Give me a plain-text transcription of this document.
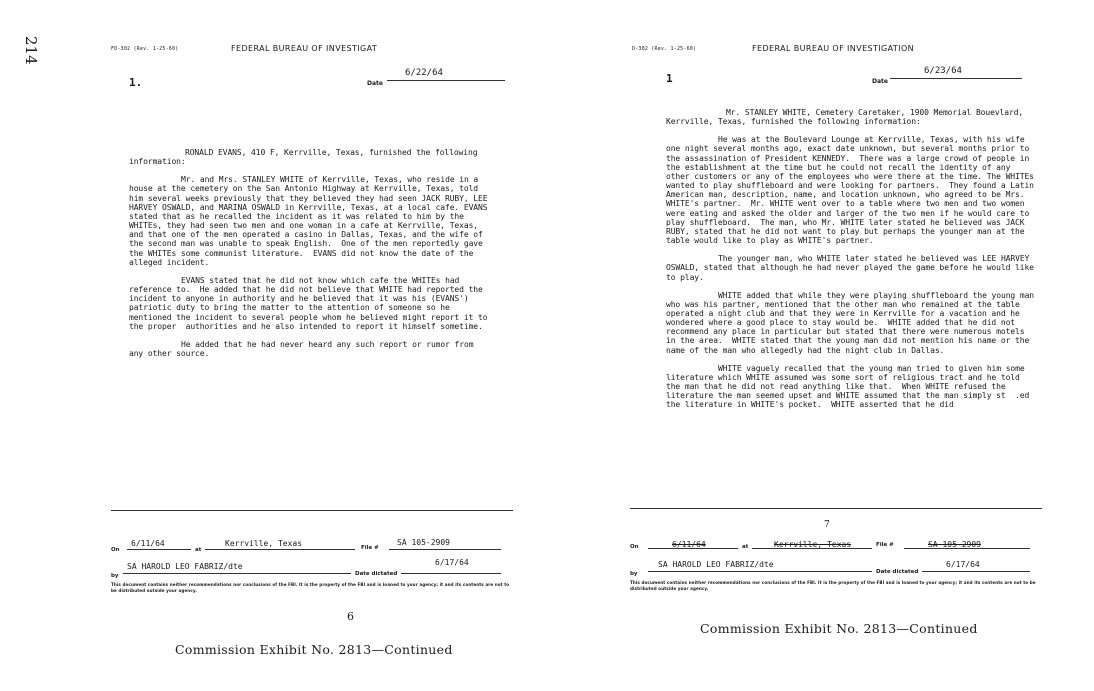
214	FD-302 (Rev. 1-25-60)	FEDERAL BUREAU OF INVESTIGAT
1.	Date
6/22/64

RONALD EVANS, 410 F, Kerrville, Texas, furnished the following information:

Mr. and Mrs. STANLEY WHITE of Kerrville, Texas, who reside in a house at the cemetery on the San Antonio Highway at Kerrville, Texas, told him several weeks previously that they believed they had seen JACK RUBY, LEE HARVEY OSWALD, and MARINA OSWALD in Kerrville, Texas, at a local cafe. EVANS stated that as he recalled the incident as it was related to him by the WHITEs, they had seen two men and one woman in a cafe at Kerrville, Texas, and that one of the men operated a casino in Dallas, Texas, and the wife of the second man was unable to speak English.  One of the men reportedly gave the WHITEs some communist literature.  EVANS did not know the date of the alleged incident.

EVANS stated that he did not know which cafe the WHITEs had reference to.  He added that he did not believe that WHITE had reported the incident to anyone in authority and he believed that it was his (EVANS') patriotic duty to bring the matter to the attention of someone so he mentioned the incident to several people whom he believed might report it to the proper  authorities and he also intended to report it himself sometime.

He added that he had never heard any such report or rumor from any other source.

On
6/11/64
at
Kerrville, Texas	File #
SA 105-2909
by
SA HAROLD LEO FABRIZ/dte
Date dictated
6/17/64
This document contains neither recommendations nor conclusions of the FBI. It is the property of the FBI and is loaned to your agency; it and its contents are not to be distributed outside your agency.
6
Commission Exhibit No. 2813—Continued
D-302 (Rev. 1-25-60)	FEDERAL BUREAU OF INVESTIGATION
1	Date
6/23/64

Mr. STANLEY WHITE, Cemetery Caretaker, 1900 Memorial Bouevlard, Kerrville, Texas, furnished the following information:

He was at the Boulevard Lounge at Kerrville, Texas, with his wife one night several months ago, exact date unknown, but several months prior to the assassination of President KENNEDY.  There was a large crowd of people in the establishment at the time but he could not recall the identity of any other customers or any of the employees who were there at the time. The WHITEs wanted to play shuffleboard and were looking for partners.  They found a Latin American man, description, name, and location unknown, who agreed to be Mrs. WHITE's partner.  Mr. WHITE went over to a table where two men and two women were eating and asked the older and larger of the two men if he would care to play shuffleboard.  The man, who Mr. WHITE later stated he believed was JACK RUBY, stated that he did not want to play but perhaps the younger man at the table would like to play as WHITE's partner.

The younger man, who WHITE later stated he believed was LEE HARVEY OSWALD, stated that although he had never played the game before he would like to play.

WHITE added that while they were playing shuffleboard the young man who was his partner, mentioned that the other man who remained at the table operated a night club and that they were in Kerrville for a vacation and he wondered where a good place to stay would be.  WHITE added that he did not recommend any place in particular but stated that there were numerous motels in the area.  WHITE stated that the young man did not mention his name or the name of the man who allegedly had the night club in Dallas.

WHITE vaguely recalled that the young man tried to given him some literature which WHITE assumed was some sort of religious tract and he told the man that he did not read anything like that.  When WHITE refused the literature the man seemed upset and WHITE assumed that the man simply st  .ed the literature in WHITE's pocket.  WHITE asserted that he did

7
On	6/11/64	at	Kerrville, Texas	File #	SA 105-2909
by
SA HAROLD LEO FABRIZ/dte
Date dictated
6/17/64
This document contains neither recommendations nor conclusions of the FBI. It is the property of the FBI and is loaned to your agency; it and its contents are not to be distributed outside your agency.
Commission Exhibit No. 2813—Continued
